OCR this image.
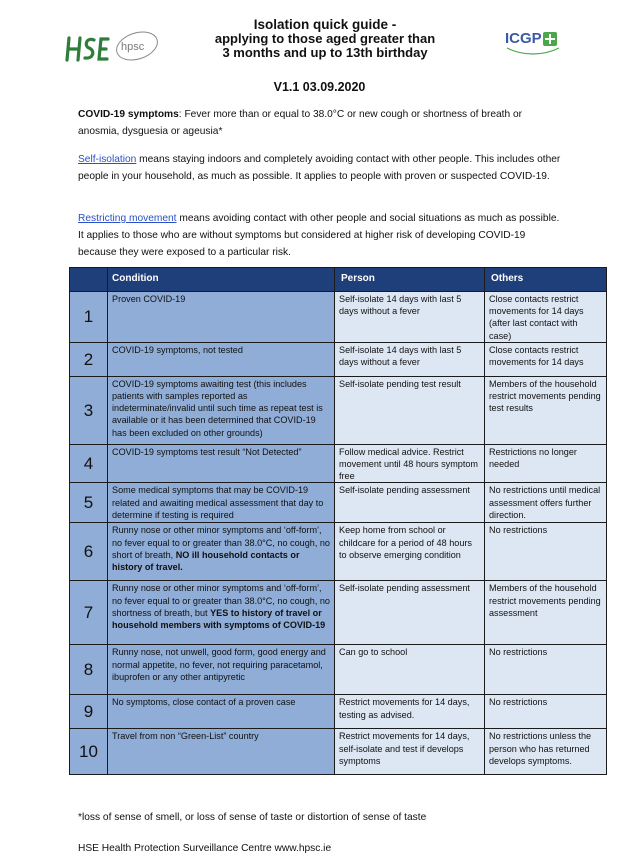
hpsc	ICGP
Isolation quick guide -
applying to those aged greater than
3 months and up to 13th birthday
V1.1 03.09.2020
COVID-19 symptoms: Fever more than or equal to 38.0°C or new cough or shortness of breath or anosmia, dysguesia or ageusia*
Self-isolation means staying indoors and completely avoiding contact with other people. This includes other people in your household, as much as possible. It applies to people with proven or suspected COVID-19.
Restricting movement means avoiding contact with other people and social situations as much as possible. It applies to those who are without symptoms but considered at higher risk of developing COVID-19 because they were exposed to a particular risk.
	Condition	Person	Others
1	Proven COVID-19	Self-isolate 14 days with last 5 days without a fever	Close contacts restrict movements for 14 days (after last contact with case)
2	COVID-19 symptoms, not tested	Self-isolate 14 days with last 5 days without a fever	Close contacts restrict movements for 14 days
3	COVID-19 symptoms awaiting test (this includes patients with samples reported as indeterminate/invalid until such time as repeat test is available or it has been determined that COVID-19 has been excluded on other grounds)	Self-isolate pending test result	Members of the household restrict movements pending test results
4	COVID-19 symptoms test result “Not Detected”	Follow medical advice. Restrict movement until 48 hours symptom free	Restrictions no longer needed
5	Some medical symptoms that may be COVID-19 related and awaiting medical assessment that day to determine if testing is required	Self-isolate pending assessment	No restrictions until medical assessment offers further direction.
6	Runny nose or other minor symptoms and ‘off-form’, no fever equal to or greater than 38.0°C, no cough, no short of breath, NO ill household contacts or history of travel.	Keep home from school or childcare for a period of 48 hours to observe emerging condition	No restrictions
7	Runny nose or other minor symptoms and ‘off-form’, no fever equal to or greater than 38.0°C, no cough, no shortness of breath, but YES to history of travel or household members with symptoms of COVID-19	Self-isolate pending assessment	Members of the household restrict movements pending assessment
8	Runny nose, not unwell, good form, good energy and normal appetite, no fever, not requiring paracetamol, ibuprofen or any other antipyretic	Can go to school	No restrictions
9	No symptoms, close contact of a proven case	Restrict movements for 14 days, testing as advised.	No restrictions
10	Travel from non “Green-List” country	Restrict movements for 14 days, self-isolate and test if develops symptoms	No restrictions unless the person who has returned develops symptoms.
*loss of sense of smell, or loss of sense of taste or distortion of sense of taste
HSE Health Protection Surveillance Centre www.hpsc.ie
